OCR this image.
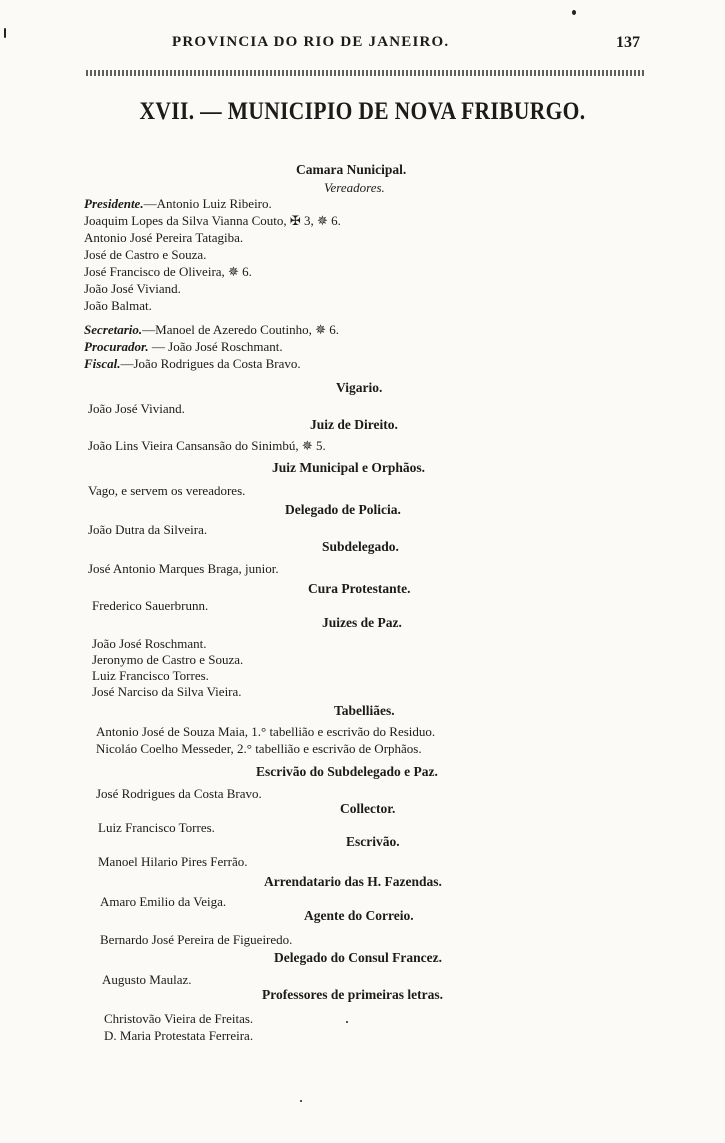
PROVINCIA DO RIO DE JANEIRO.	137
XVII. — MUNICIPIO DE NOVA FRIBURGO.
Camara Nunicipal.
Vereadores.
Presidente.—Antonio Luiz Ribeiro.
Joaquim Lopes da Silva Vianna Couto, ✠ 3, ✵ 6.
Antonio José Pereira Tatagiba.
José de Castro e Souza.
José Francisco de Oliveira, ✵ 6.
João José Viviand.
João Balmat.
Secretario.—Manoel de Azeredo Coutinho, ✵ 6.
Procurador. — João José Roschmant.
Fiscal.—João Rodrigues da Costa Bravo.
Vigario.
João José Viviand.
Juiz de Direito.
João Lins Vieira Cansansão do Sinimbú, ✵ 5.
Juiz Municipal e Orphãos.
Vago, e servem os vereadores.
Delegado de Policia.
João Dutra da Silveira.
Subdelegado.
José Antonio Marques Braga, junior.
Cura Protestante.
Frederico Sauerbrunn.
Juizes de Paz.
João José Roschmant.
Jeronymo de Castro e Souza.
Luiz Francisco Torres.
José Narciso da Silva Vieira.
Tabelliães.
Antonio José de Souza Maia, 1.° tabellião e escrivão do Residuo.
Nicoláo Coelho Messeder, 2.° tabellião e escrivão de Orphãos.
Escrivão do Subdelegado e Paz.
José Rodrigues da Costa Bravo.
Collector.
Luiz Francisco Torres.
Escrivão.
Manoel Hilario Pires Ferrão.
Arrendatario das H. Fazendas.
Amaro Emilio da Veiga.
Agente do Correio.
Bernardo José Pereira de Figueiredo.
Delegado do Consul Francez.
Augusto Maulaz.
Professores de primeiras letras.
Christovão Vieira de Freitas.
D. Maria Protestata Ferreira.
